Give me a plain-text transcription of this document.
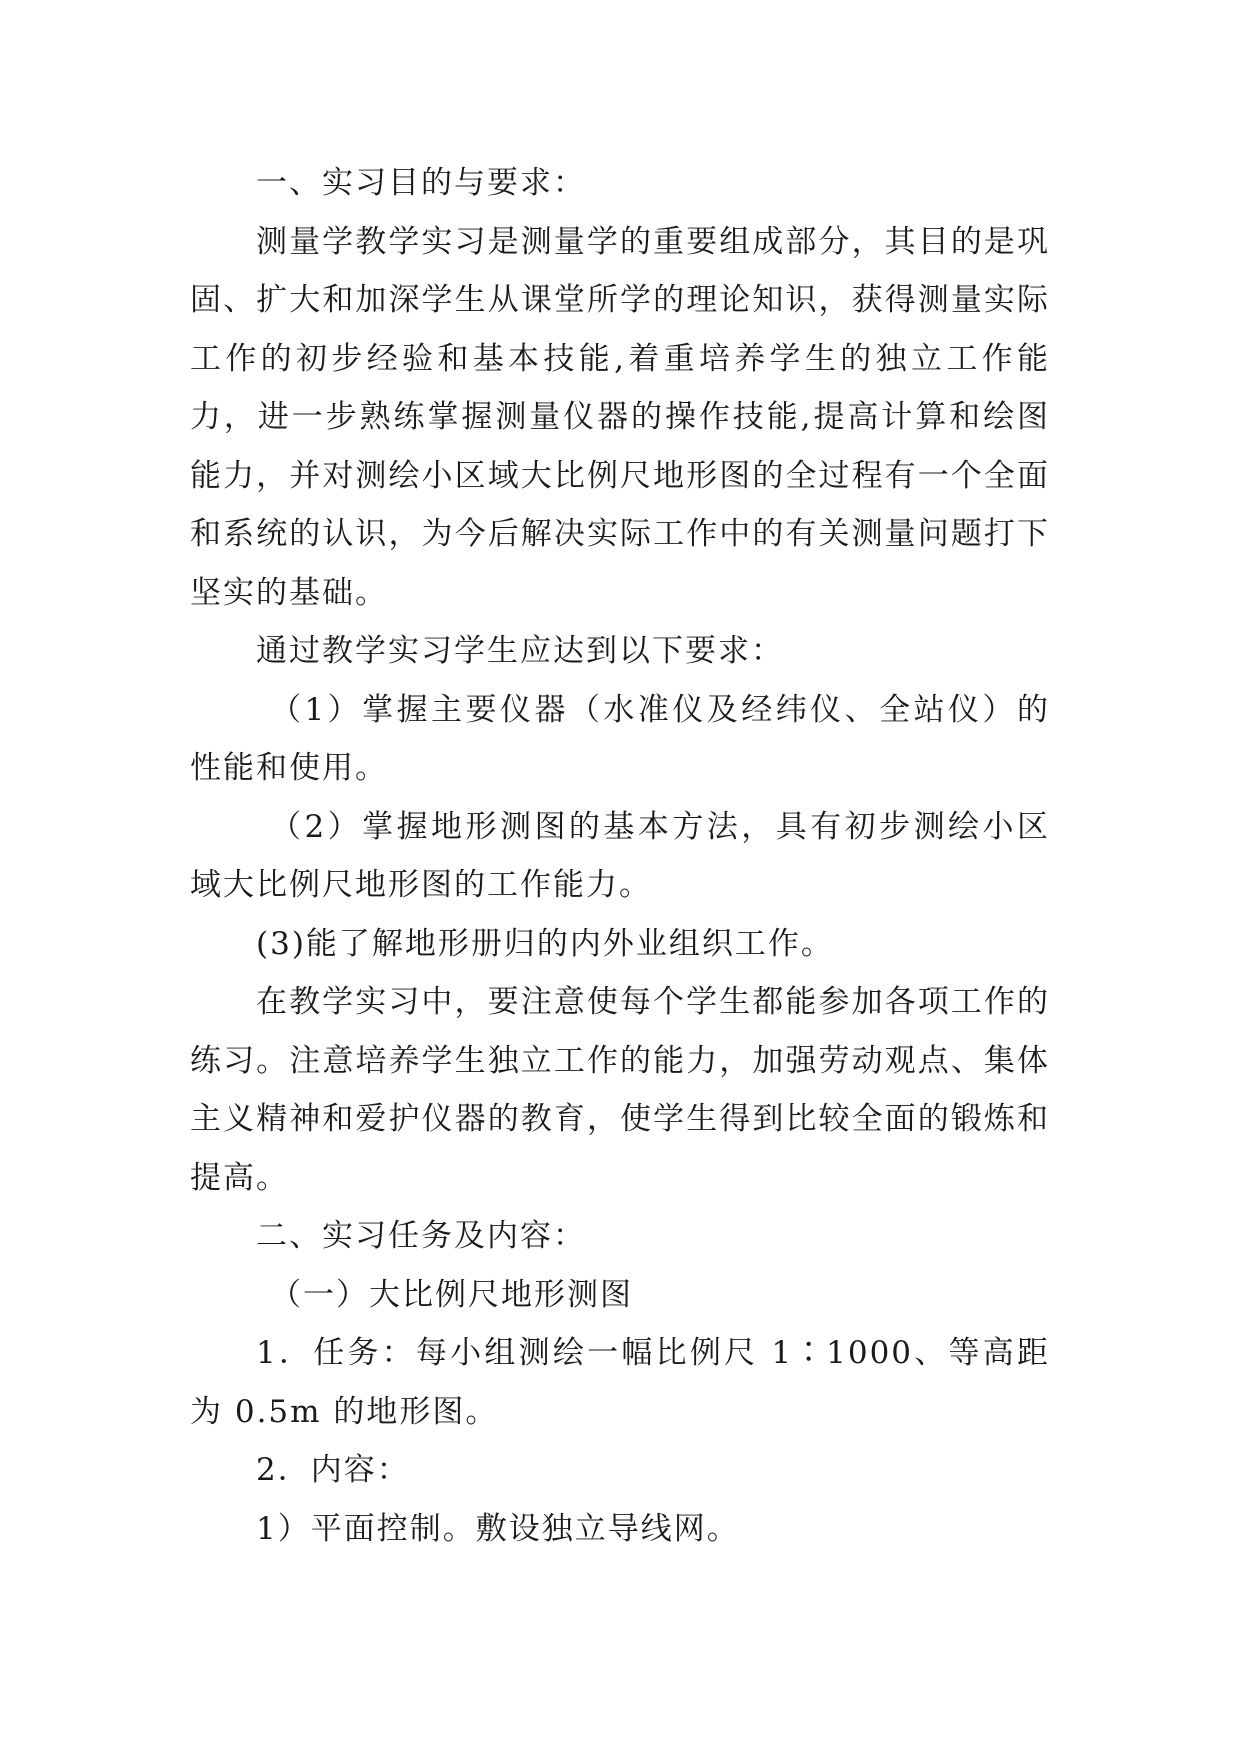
一、实习目的与要求：

测量学教学实习是测量学的重要组成部分，其目的是巩固、扩大和加深学生从课堂所学的理论知识，获得测量实际工作的初步经验和基本技能,着重培养学生的独立工作能力，进一步熟练掌握测量仪器的操作技能,提高计算和绘图能力，并对测绘小区域大比例尺地形图的全过程有一个全面和系统的认识，为今后解决实际工作中的有关测量问题打下坚实的基础。

通过教学实习学生应达到以下要求：

（1）掌握主要仪器（水准仪及经纬仪、全站仪）的性能和使用。

（2）掌握地形测图的基本方法，具有初步测绘小区域大比例尺地形图的工作能力。

(3)能了解地形册归的内外业组织工作。

在教学实习中，要注意使每个学生都能参加各项工作的练习。注意培养学生独立工作的能力，加强劳动观点、集体主义精神和爱护仪器的教育，使学生得到比较全面的锻炼和提高。

二、实习任务及内容：

（一）大比例尺地形测图

1．任务：每小组测绘一幅比例尺 1∶1000、等高距为 0.5m 的地形图。

2．内容：

1）平面控制。敷设独立导线网。
